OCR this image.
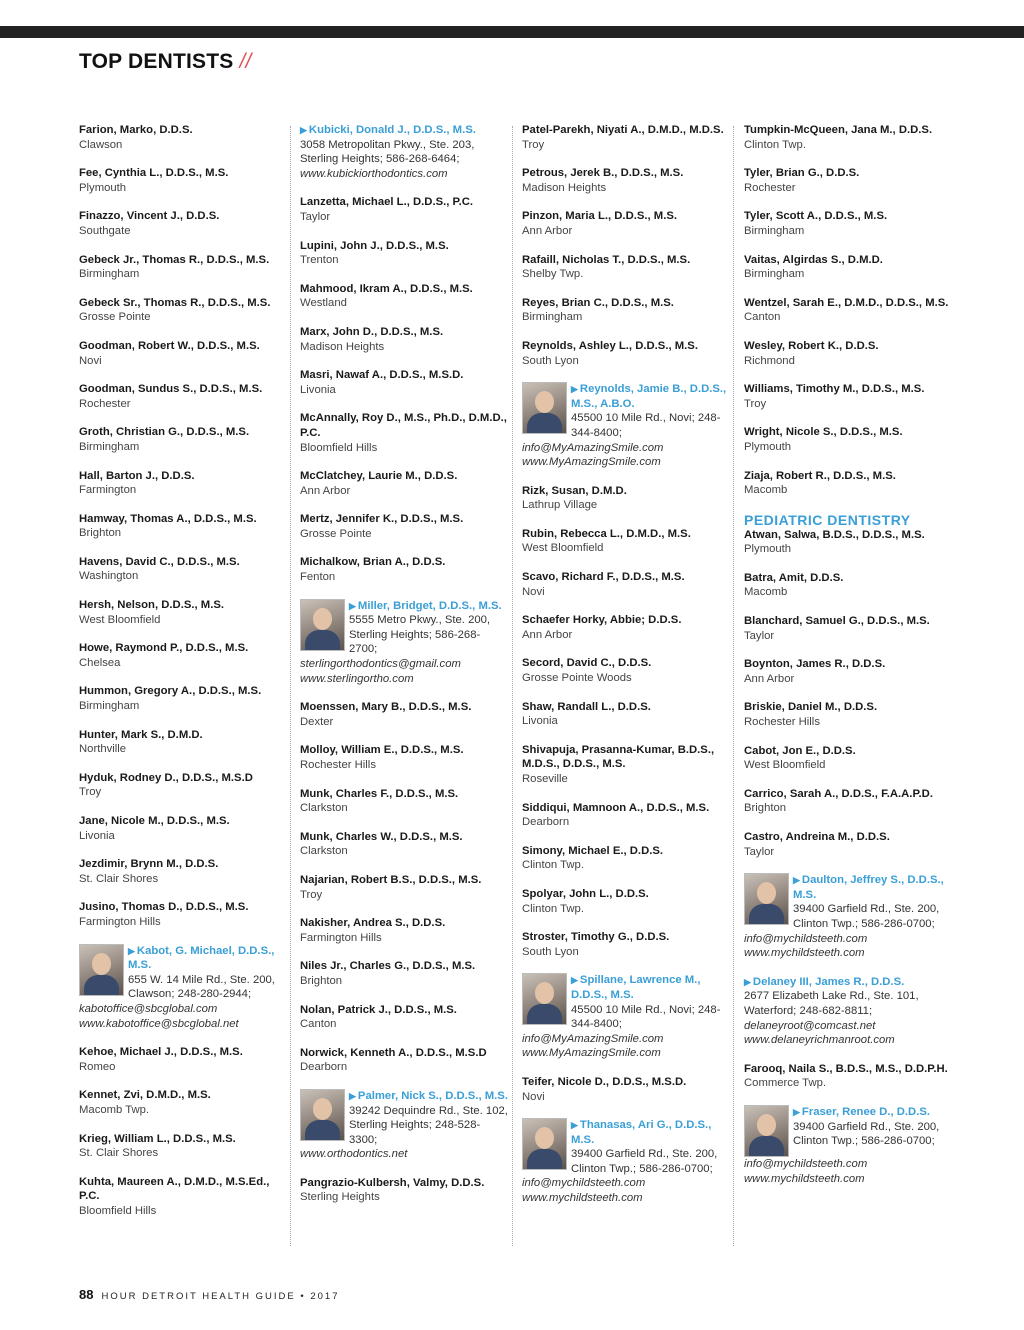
TOP DENTISTS //
Farion, Marko, D.D.S.
Clawson
Fee, Cynthia L., D.D.S., M.S.
Plymouth
Finazzo, Vincent J., D.D.S.
Southgate
Gebeck Jr., Thomas R., D.D.S., M.S.
Birmingham
Gebeck Sr., Thomas R., D.D.S., M.S.
Grosse Pointe
Goodman, Robert W., D.D.S., M.S.
Novi
Goodman, Sundus S., D.D.S., M.S.
Rochester
Groth, Christian G., D.D.S., M.S.
Birmingham
Hall, Barton J., D.D.S.
Farmington
Hamway, Thomas A., D.D.S., M.S.
Brighton
Havens, David C., D.D.S., M.S.
Washington
Hersh, Nelson, D.D.S., M.S.
West Bloomfield
Howe, Raymond P., D.D.S., M.S.
Chelsea
Hummon, Gregory A., D.D.S., M.S.
Birmingham
Hunter, Mark S., D.M.D.
Northville
Hyduk, Rodney D., D.D.S., M.S.D
Troy
Jane, Nicole M., D.D.S., M.S.
Livonia
Jezdimir, Brynn M., D.D.S.
St. Clair Shores
Jusino, Thomas D., D.D.S., M.S.
Farmington Hills
▶ Kabot, G. Michael, D.D.S., M.S.
655 W. 14 Mile Rd., Ste. 200, Clawson; 248-280-2944;
kabotoffice@sbcglobal.com
www.kabotoffice@sbcglobal.net
Kehoe, Michael J., D.D.S., M.S.
Romeo
Kennet, Zvi, D.M.D., M.S.
Macomb Twp.
Krieg, William L., D.D.S., M.S.
St. Clair Shores
Kuhta, Maureen A., D.M.D., M.S.Ed., P.C.
Bloomfield Hills
▶ Kubicki, Donald J., D.D.S., M.S.
3058 Metropolitan Pkwy., Ste. 203, Sterling Heights; 586-268-6464;
www.kubickiorthodontics.com
Lanzetta, Michael L., D.D.S., P.C.
Taylor
Lupini, John J., D.D.S., M.S.
Trenton
Mahmood, Ikram A., D.D.S., M.S.
Westland
Marx, John D., D.D.S., M.S.
Madison Heights
Masri, Nawaf A., D.D.S., M.S.D.
Livonia
McAnnally, Roy D., M.S., Ph.D., D.M.D., P.C.
Bloomfield Hills
McClatchey, Laurie M., D.D.S.
Ann Arbor
Mertz, Jennifer K., D.D.S., M.S.
Grosse Pointe
Michalkow, Brian A., D.D.S.
Fenton
▶ Miller, Bridget, D.D.S., M.S.
5555 Metro Pkwy., Ste. 200, Sterling Heights; 586-268-2700;
sterlingorthodontics@gmail.com
www.sterlingortho.com
Moenssen, Mary B., D.D.S., M.S.
Dexter
Molloy, William E., D.D.S., M.S.
Rochester Hills
Munk, Charles F., D.D.S., M.S.
Clarkston
Munk, Charles W., D.D.S., M.S.
Clarkston
Najarian, Robert B.S., D.D.S., M.S.
Troy
Nakisher, Andrea S., D.D.S.
Farmington Hills
Niles Jr., Charles G., D.D.S., M.S.
Brighton
Nolan, Patrick J., D.D.S., M.S.
Canton
Norwick, Kenneth A., D.D.S., M.S.D
Dearborn
▶ Palmer, Nick S., D.D.S., M.S.
39242 Dequindre Rd., Ste. 102, Sterling Heights; 248-528-3300;
www.orthodontics.net
Pangrazio-Kulbersh, Valmy, D.D.S.
Sterling Heights
Patel-Parekh, Niyati A., D.M.D., M.D.S.
Troy
Petrous, Jerek B., D.D.S., M.S.
Madison Heights
Pinzon, Maria L., D.D.S., M.S.
Ann Arbor
Rafaill, Nicholas T., D.D.S., M.S.
Shelby Twp.
Reyes, Brian C., D.D.S., M.S.
Birmingham
Reynolds, Ashley L., D.D.S., M.S.
South Lyon
▶ Reynolds, Jamie B., D.D.S., M.S., A.B.O.
45500 10 Mile Rd., Novi; 248-344-8400;
info@MyAmazingSmile.com
www.MyAmazingSmile.com
Rizk, Susan, D.M.D.
Lathrup Village
Rubin, Rebecca L., D.M.D., M.S.
West Bloomfield
Scavo, Richard F., D.D.S., M.S.
Novi
Schaefer Horky, Abbie; D.D.S.
Ann Arbor
Secord, David C., D.D.S.
Grosse Pointe Woods
Shaw, Randall L., D.D.S.
Livonia
Shivapuja, Prasanna-Kumar, B.D.S., M.D.S., D.D.S., M.S.
Roseville
Siddiqui, Mamnoon A., D.D.S., M.S.
Dearborn
Simony, Michael E., D.D.S.
Clinton Twp.
Spolyar, John L., D.D.S.
Clinton Twp.
Stroster, Timothy G., D.D.S.
South Lyon
▶ Spillane, Lawrence M., D.D.S., M.S.
45500 10 Mile Rd., Novi; 248-344-8400;
info@MyAmazingSmile.com
www.MyAmazingSmile.com
Teifer, Nicole D., D.D.S., M.S.D.
Novi
▶ Thanasas, Ari G., D.D.S., M.S.
39400 Garfield Rd., Ste. 200, Clinton Twp.; 586-286-0700;
info@mychildsteeth.com
www.mychildsteeth.com
Tumpkin-McQueen, Jana M., D.D.S.
Clinton Twp.
Tyler, Brian G., D.D.S.
Rochester
Tyler, Scott A., D.D.S., M.S.
Birmingham
Vaitas, Algirdas S., D.M.D.
Birmingham
Wentzel, Sarah E., D.M.D., D.D.S., M.S.
Canton
Wesley, Robert K., D.D.S.
Richmond
Williams, Timothy M., D.D.S., M.S.
Troy
Wright, Nicole S., D.D.S., M.S.
Plymouth
Ziaja, Robert R., D.D.S., M.S.
Macomb
PEDIATRIC DENTISTRY
Atwan, Salwa, B.D.S., D.D.S., M.S.
Plymouth
Batra, Amit, D.D.S.
Macomb
Blanchard, Samuel G., D.D.S., M.S.
Taylor
Boynton, James R., D.D.S.
Ann Arbor
Briskie, Daniel M., D.D.S.
Rochester Hills
Cabot, Jon E., D.D.S.
West Bloomfield
Carrico, Sarah A., D.D.S., F.A.A.P.D.
Brighton
Castro, Andreina M., D.D.S.
Taylor
▶ Daulton, Jeffrey S., D.D.S., M.S.
39400 Garfield Rd., Ste. 200, Clinton Twp.; 586-286-0700;
info@mychildsteeth.com
www.mychildsteeth.com
▶ Delaney III, James R., D.D.S.
2677 Elizabeth Lake Rd., Ste. 101, Waterford; 248-682-8811;
delaneyroot@comcast.net
www.delaneyrichmanroot.com
Farooq, Naila S., B.D.S., M.S., D.D.P.H.
Commerce Twp.
▶ Fraser, Renee D., D.D.S.
39400 Garfield Rd., Ste. 200, Clinton Twp.; 586-286-0700;
info@mychildsteeth.com
www.mychildsteeth.com
88 HOUR DETROIT HEALTH GUIDE • 2017
